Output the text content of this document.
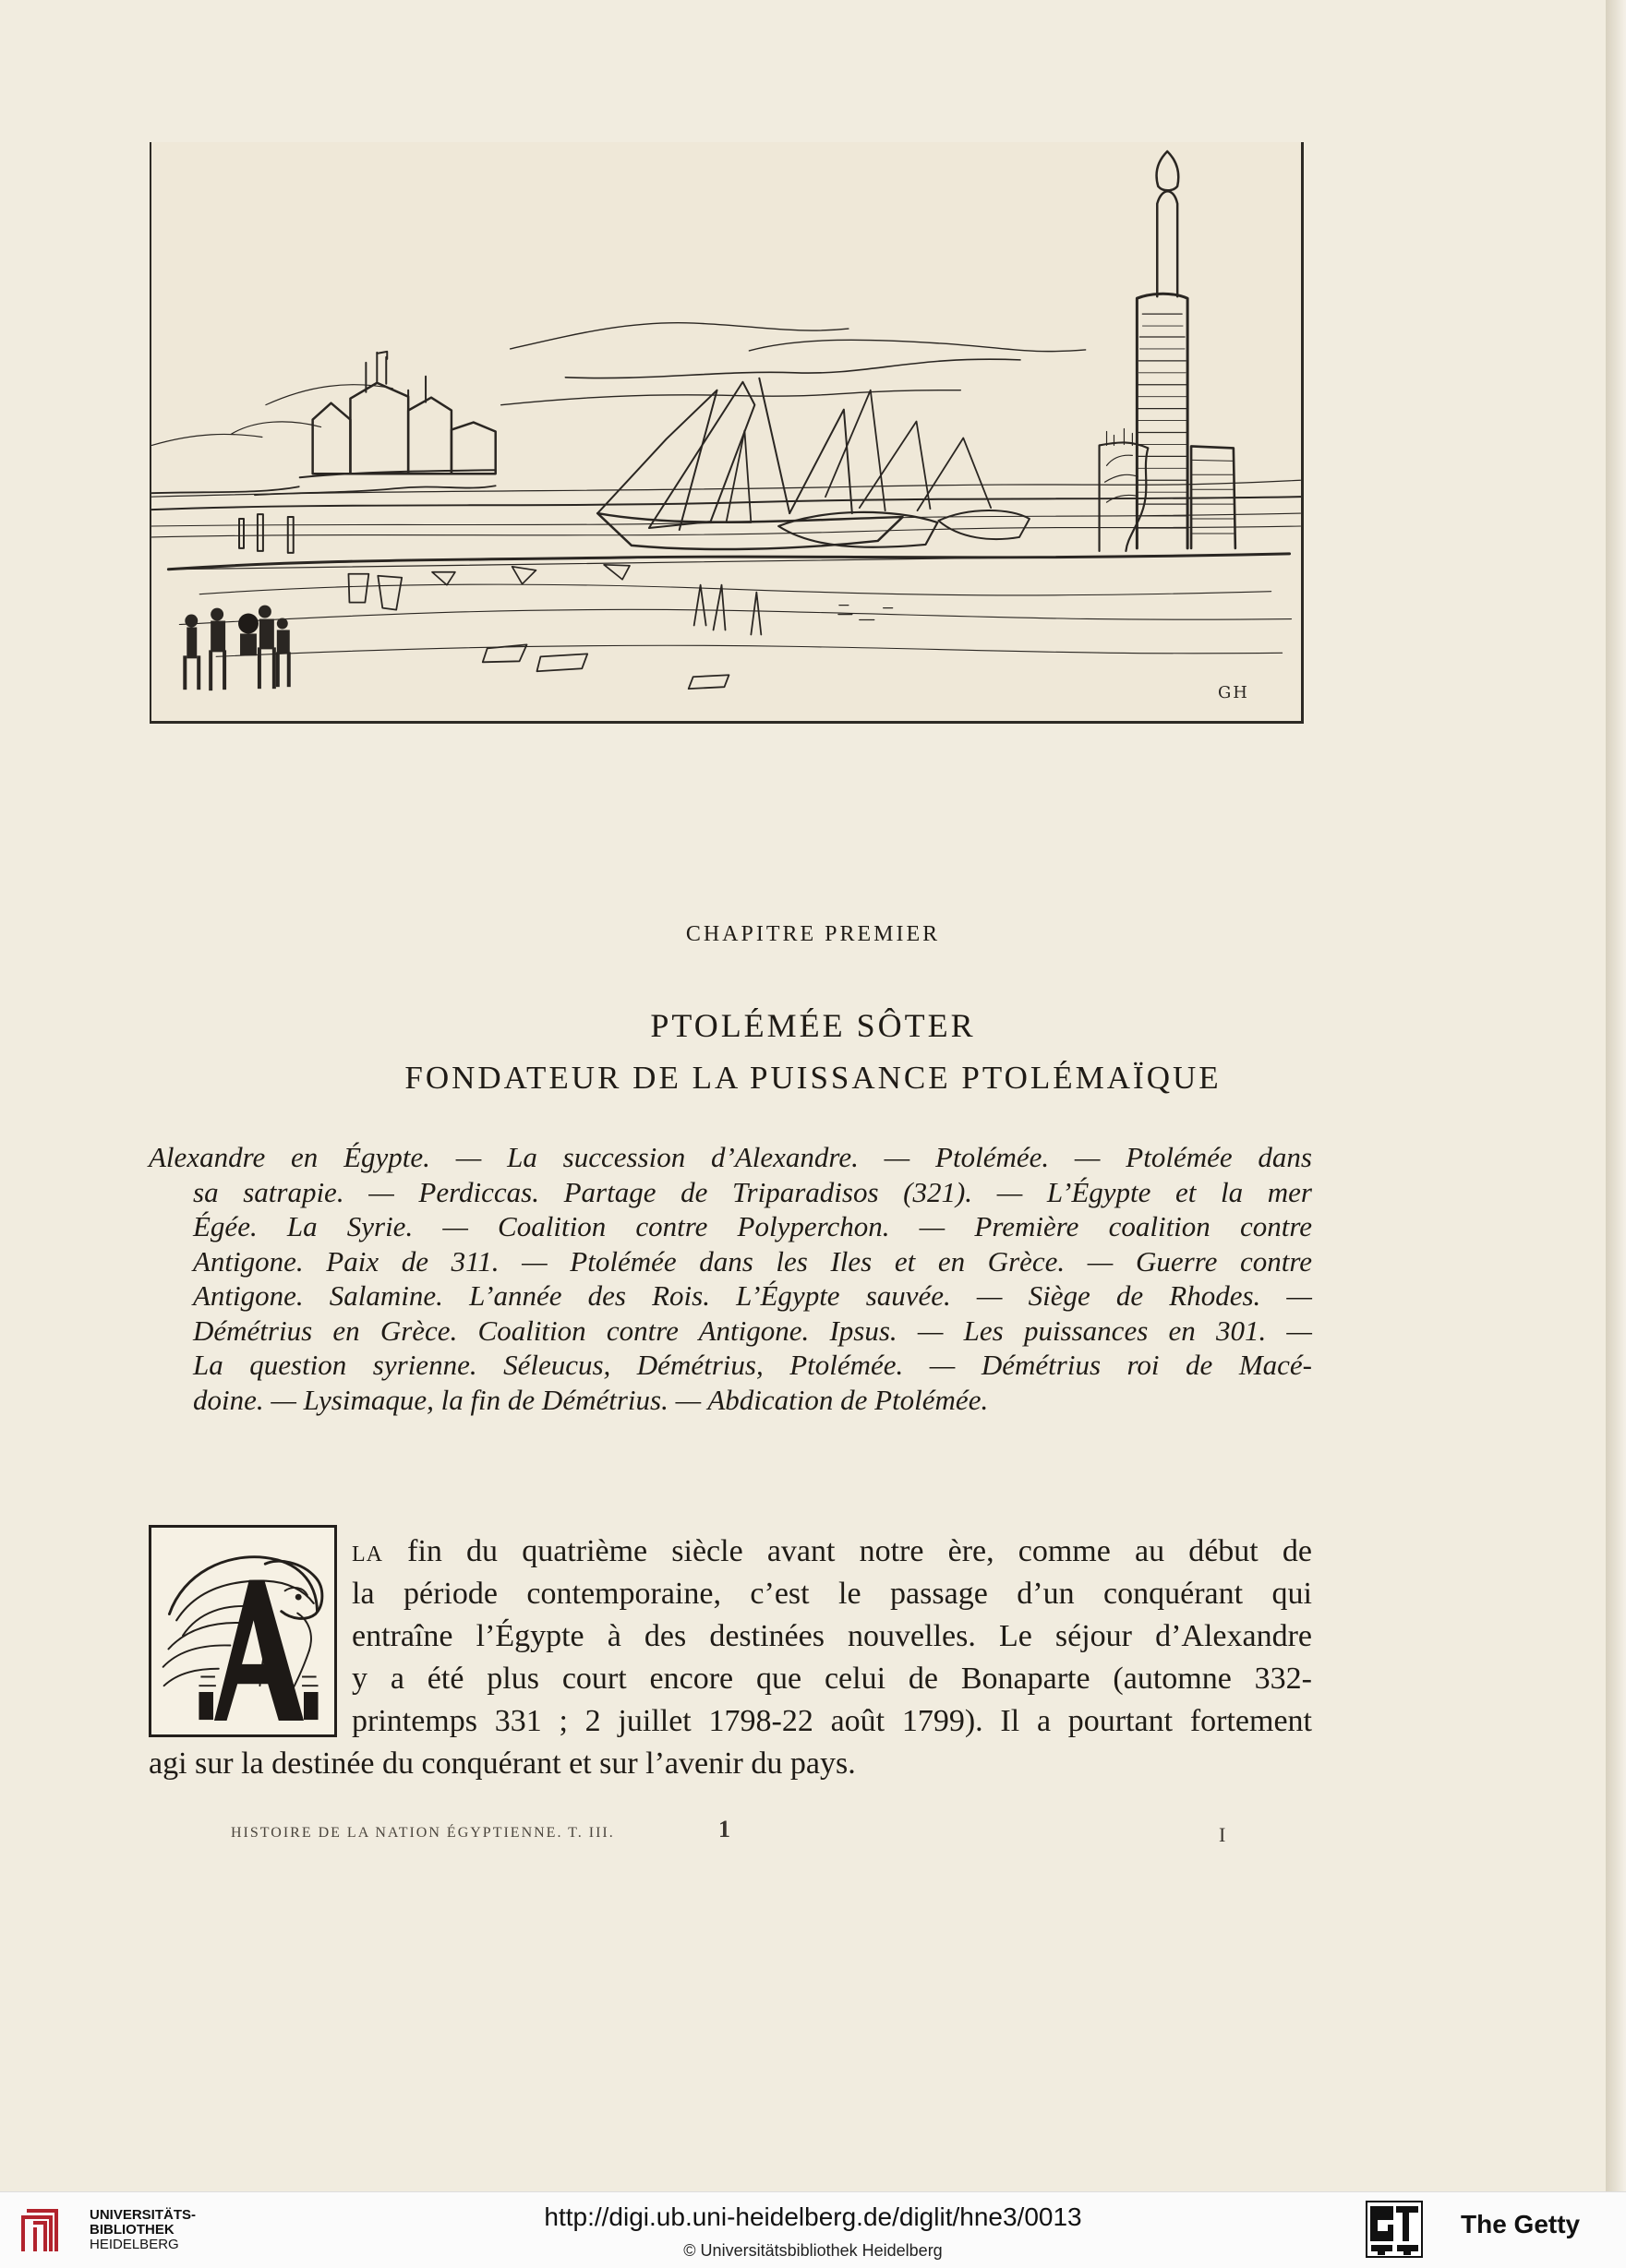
GH
CHAPITRE PREMIER
PTOLÉMÉE SÔTER
FONDATEUR DE LA PUISSANCE PTOLÉMAÏQUE
Alexandre en Égypte. — La succession d’Alexandre. — Ptolémée. — Ptolémée dans
sa satrapie. — Perdiccas. Partage de Triparadisos (321). — L’Égypte et la mer
Égée. La Syrie. — Coalition contre Polyperchon. — Première coalition contre
Antigone. Paix de 311. — Ptolémée dans les Iles et en Grèce. — Guerre contre
Antigone. Salamine. L’année des Rois. L’Égypte sauvée. — Siège de Rhodes. —
Démétrius en Grèce. Coalition contre Antigone. Ipsus. — Les puissances en 301. —
La question syrienne. Séleucus, Démétrius, Ptolémée. — Démétrius roi de Macé-
doine. — Lysimaque, la fin de Démétrius. — Abdication de Ptolémée.
la fin du quatrième siècle avant notre ère, comme au début de
la période contemporaine, c’est le passage d’un conquérant qui
entraîne l’Égypte à des destinées nouvelles. Le séjour d’Alexandre
y a été plus court encore que celui de Bonaparte (automne 332-
printemps 331 ; 2 juillet 1798-22 août 1799). Il a pourtant fortement
agi sur la destinée du conquérant et sur l’avenir du pays.
HISTOIRE DE LA NATION ÉGYPTIENNE. T. III.	1	I
UNIVERSITÄTS-
BIBLIOTHEK
HEIDELBERG
http://digi.ub.uni-heidelberg.de/diglit/hne3/0013
© Universitätsbibliothek Heidelberg
The Getty
